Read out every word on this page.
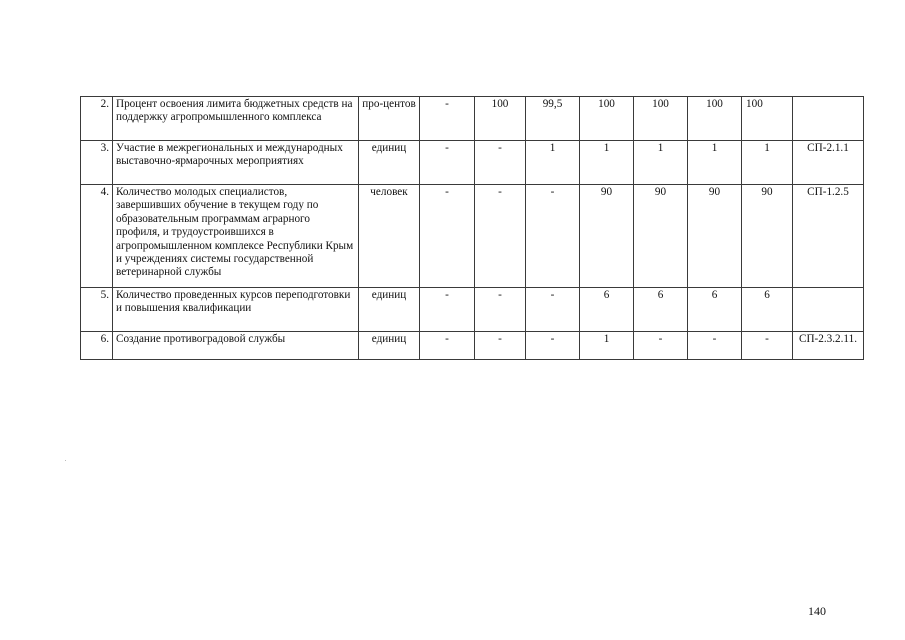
2.	Процент освоения лимита бюджетных средств на поддержку агропромышленного комплекса	про-центов	-	100	99,5	100	100	100	100	
3.	Участие в межрегиональных и международных выставочно-ярмарочных мероприятиях	единиц	-	-	1	1	1	1	1	СП-2.1.1
4.	Количество молодых специалистов, завершивших обучение в текущем году по образовательным программам аграрного профиля, и трудоустроившихся в агропромышленном комплексе Республики Крым и учреждениях системы государственной ветеринарной службы	человек	-	-	-	90	90	90	90	СП-1.2.5
5.	Количество проведенных курсов переподготовки и повышения квалификации	единиц	-	-	-	6	6	6	6	
6.	Создание противоградовой службы	единиц	-	-	-	1	-	-	-	СП-2.3.2.11.
140
